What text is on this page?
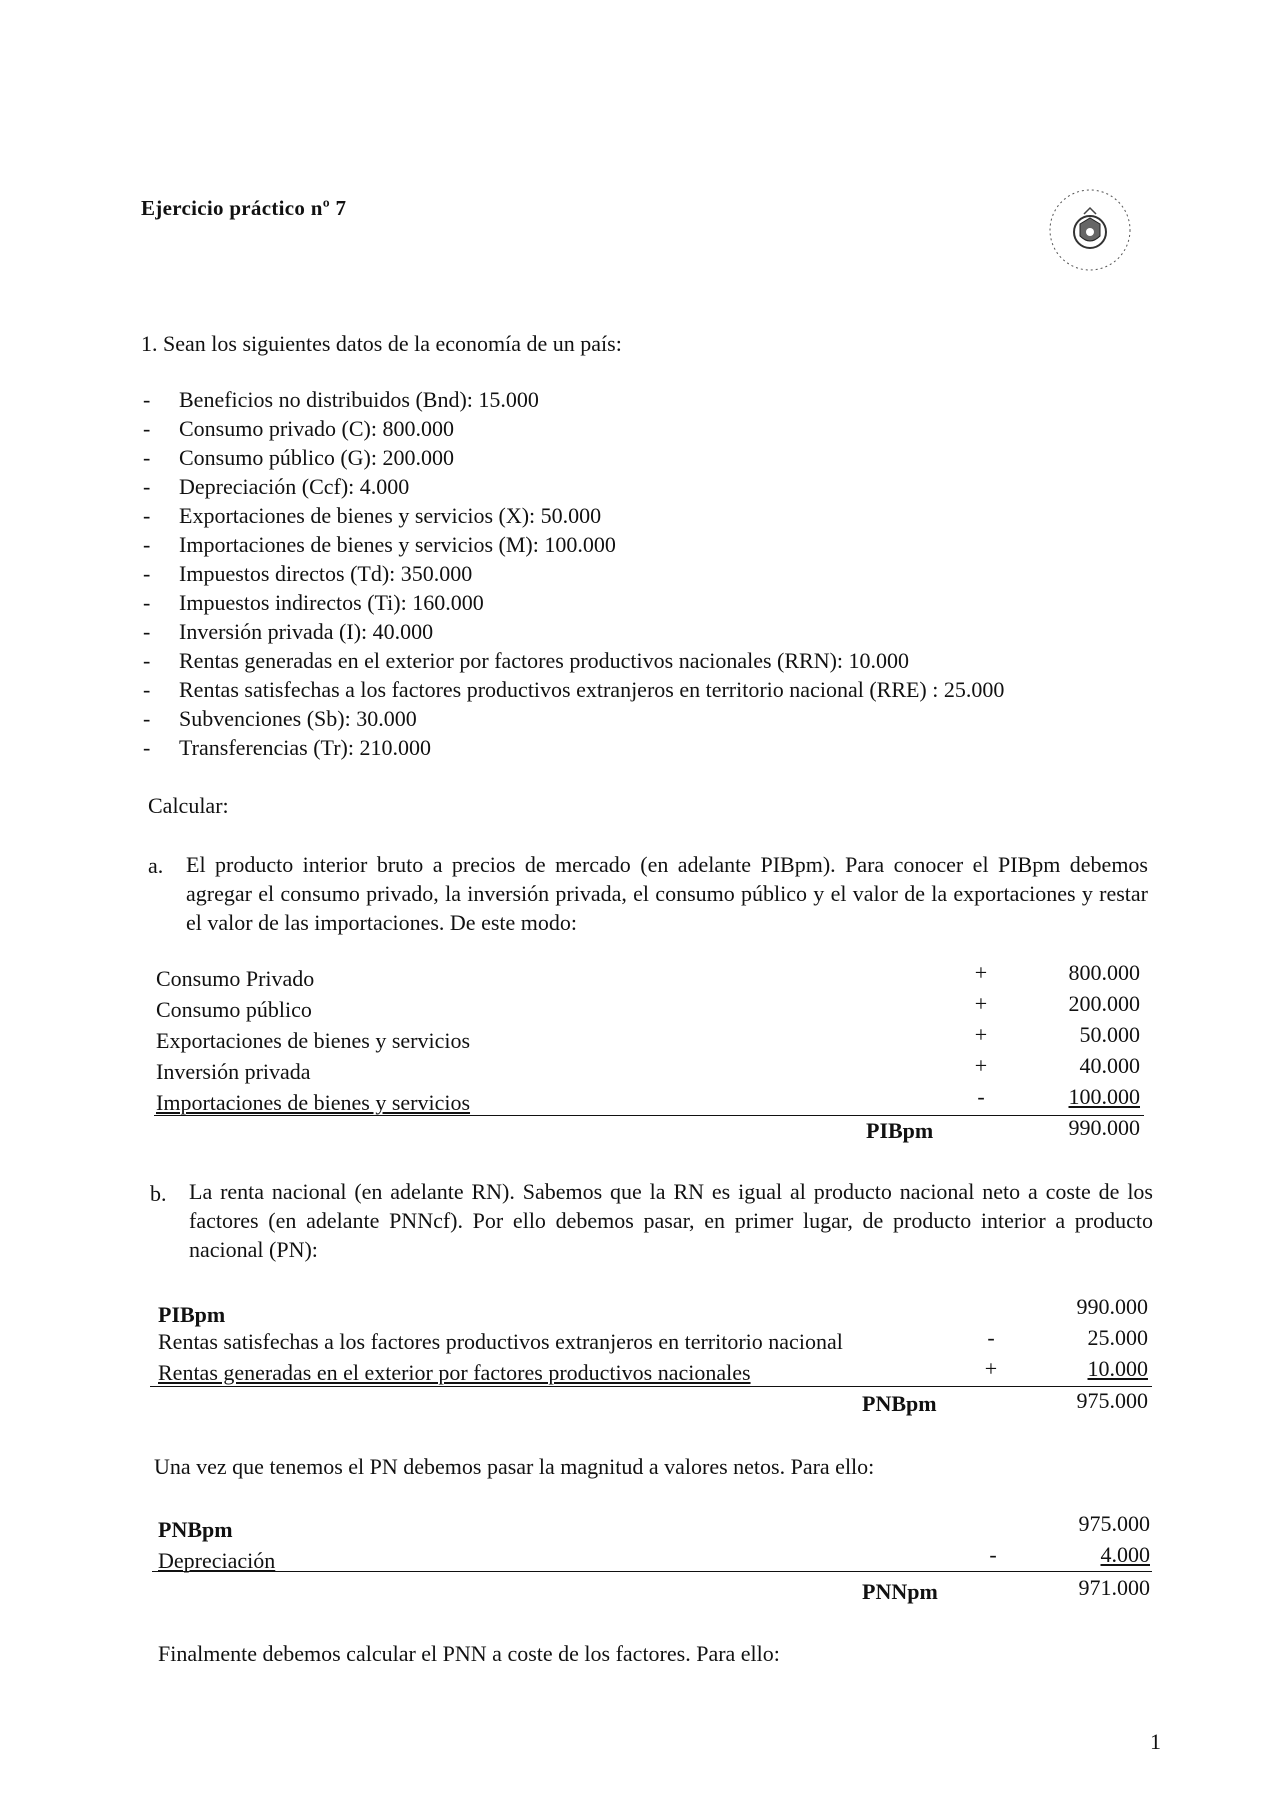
Ejercicio práctico nº 7
1. Sean los siguientes datos de la economía de un país:
- Beneficios no distribuidos (Bnd): 15.000
- Consumo privado (C): 800.000
- Consumo público (G): 200.000
- Depreciación (Ccf): 4.000
- Exportaciones de bienes y servicios (X): 50.000
- Importaciones de bienes y servicios (M): 100.000
- Impuestos directos (Td): 350.000
- Impuestos indirectos (Ti): 160.000
- Inversión privada (I): 40.000
- Rentas generadas en el exterior por factores productivos nacionales (RRN): 10.000
- Rentas satisfechas a los factores productivos extranjeros en territorio nacional (RRE) : 25.000
- Subvenciones (Sb): 30.000
- Transferencias (Tr): 210.000
Calcular:
a. El producto interior bruto a precios de mercado (en adelante PIBpm). Para conocer el PIBpm debemos agregar el consumo privado, la inversión privada, el consumo público y el valor de la exportaciones y restar el valor de las importaciones. De este modo:
Consumo Privado	+	800.000
Consumo público	+	200.000
Exportaciones de bienes y servicios	+	50.000
Inversión privada	+	40.000
Importaciones de bienes y servicios	-	100.000
PIBpm	990.000
b. La renta nacional (en adelante RN). Sabemos que la RN es igual al producto nacional neto a coste de los factores (en adelante PNNcf). Por ello debemos pasar, en primer lugar, de producto interior a producto nacional (PN):
PIBpm	990.000
Rentas satisfechas a los factores productivos extranjeros en territorio nacional	-	25.000
Rentas generadas en el exterior por factores productivos nacionales	+	10.000
PNBpm	975.000
Una vez que tenemos el PN debemos pasar la magnitud a valores netos. Para ello:
PNBpm	975.000
Depreciación	-	4.000
PNNpm	971.000
Finalmente debemos calcular el PNN a coste de los factores. Para ello:
1
